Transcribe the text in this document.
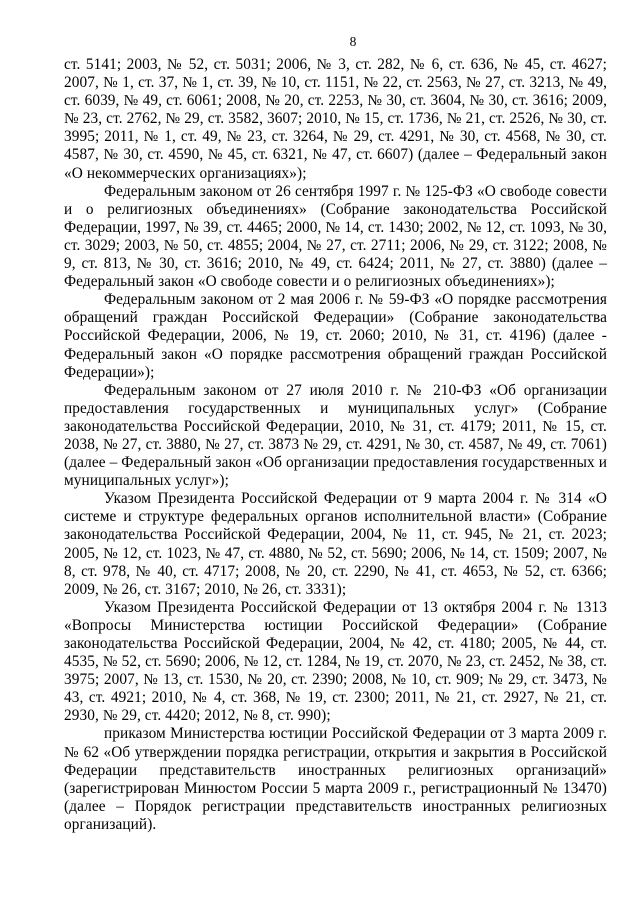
8

ст. 5141; 2003, № 52, ст. 5031; 2006, № 3, ст. 282, № 6, ст. 636, № 45, ст. 4627; 2007, № 1, ст. 37, № 1, ст. 39, № 10, ст. 1151, № 22, ст. 2563, № 27, ст. 3213, № 49, ст. 6039, № 49, ст. 6061; 2008, № 20, ст. 2253, № 30, ст. 3604, № 30, ст. 3616; 2009, № 23, ст. 2762, № 29, ст. 3582, 3607; 2010, № 15, ст. 1736, № 21, ст. 2526, № 30, ст. 3995; 2011, № 1, ст. 49, № 23, ст. 3264, № 29, ст. 4291, № 30, ст. 4568, № 30, ст. 4587, № 30, ст. 4590, № 45, ст. 6321, № 47, ст. 6607) (далее – Федеральный закон «О некоммерческих организациях»);

Федеральным законом от 26 сентября 1997 г. № 125-ФЗ «О свободе совести и о религиозных объединениях» (Собрание законодательства Российской Федерации, 1997, № 39, ст. 4465; 2000, № 14, ст. 1430; 2002, № 12, ст. 1093, № 30, ст. 3029; 2003, № 50, ст. 4855; 2004, № 27, ст. 2711; 2006, № 29, ст. 3122; 2008, № 9, ст. 813, № 30, ст. 3616; 2010, № 49, ст. 6424; 2011, № 27, ст. 3880) (далее – Федеральный закон «О свободе совести и о религиозных объединениях»);

Федеральным законом от 2 мая 2006 г. № 59-ФЗ «О порядке рассмотрения обращений граждан Российской Федерации» (Собрание законодательства Российской Федерации, 2006, № 19, ст. 2060; 2010, № 31, ст. 4196) (далее - Федеральный закон «О порядке рассмотрения обращений граждан Российской Федерации»);

Федеральным законом от 27 июля 2010 г. № 210-ФЗ «Об организации предоставления государственных и муниципальных услуг» (Собрание законодательства Российской Федерации, 2010, № 31, ст. 4179; 2011, № 15, ст. 2038, № 27, ст. 3880, № 27, ст. 3873 № 29, ст. 4291, № 30, ст. 4587, № 49, ст. 7061) (далее – Федеральный закон «Об организации предоставления государственных и муниципальных услуг»);

Указом Президента Российской Федерации от 9 марта 2004 г. № 314 «О системе и структуре федеральных органов исполнительной власти» (Собрание законодательства Российской Федерации, 2004, № 11, ст. 945, № 21, ст. 2023; 2005, № 12, ст. 1023, № 47, ст. 4880, № 52, ст. 5690; 2006, № 14, ст. 1509; 2007, № 8, ст. 978, № 40, ст. 4717; 2008, № 20, ст. 2290, № 41, ст. 4653, № 52, ст. 6366; 2009, № 26, ст. 3167; 2010, № 26, ст. 3331);

Указом Президента Российской Федерации от 13 октября 2004 г. № 1313 «Вопросы Министерства юстиции Российской Федерации» (Собрание законодательства Российской Федерации, 2004, № 42, ст. 4180; 2005, № 44, ст. 4535, № 52, ст. 5690; 2006, № 12, ст. 1284, № 19, ст. 2070, № 23, ст. 2452, № 38, ст. 3975; 2007, № 13, ст. 1530, № 20, ст. 2390; 2008, № 10, ст. 909; № 29, ст. 3473, № 43, ст. 4921; 2010, № 4, ст. 368, № 19, ст. 2300; 2011, № 21, ст. 2927, № 21, ст. 2930, № 29, ст. 4420; 2012, № 8, ст. 990);

приказом Министерства юстиции Российской Федерации от 3 марта 2009 г. № 62 «Об утверждении порядка регистрации, открытия и закрытия в Российской Федерации представительств иностранных религиозных организаций» (зарегистрирован Минюстом России 5 марта 2009 г., регистрационный № 13470) (далее – Порядок регистрации представительств иностранных религиозных организаций).
